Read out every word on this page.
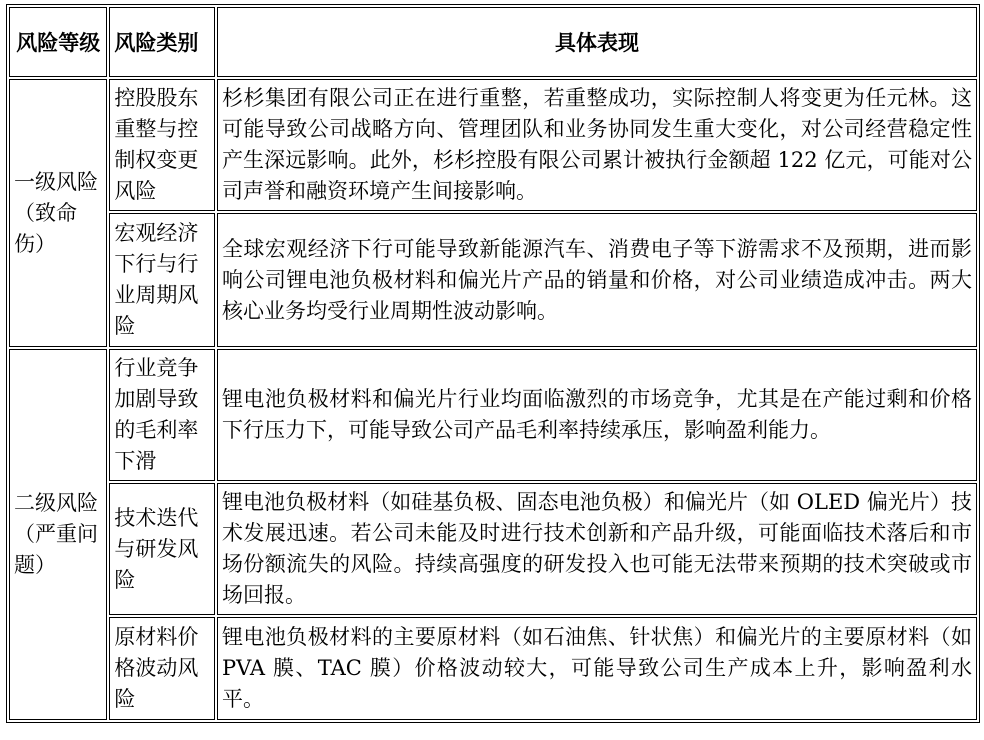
风险等级	风险类别	具体表现
一级风险（致命伤）	控股股东重整与控制权变更风险	杉杉集团有限公司正在进行重整，若重整成功，实际控制人将变更为任元林。这可能导致公司战略方向、管理团队和业务协同发生重大变化，对公司经营稳定性产生深远影响。此外，杉杉控股有限公司累计被执行金额超 122 亿元，可能对公司声誉和融资环境产生间接影响。
	宏观经济下行与行业周期风险	全球宏观经济下行可能导致新能源汽车、消费电子等下游需求不及预期，进而影响公司锂电池负极材料和偏光片产品的销量和价格，对公司业绩造成冲击。两大核心业务均受行业周期性波动影响。
二级风险（严重问题）	行业竞争加剧导致的毛利率下滑	锂电池负极材料和偏光片行业均面临激烈的市场竞争，尤其是在产能过剩和价格下行压力下，可能导致公司产品毛利率持续承压，影响盈利能力。
	技术迭代与研发风险	锂电池负极材料（如硅基负极、固态电池负极）和偏光片（如 OLED 偏光片）技术发展迅速。若公司未能及时进行技术创新和产品升级，可能面临技术落后和市场份额流失的风险。持续高强度的研发投入也可能无法带来预期的技术突破或市场回报。
	原材料价格波动风险	锂电池负极材料的主要原材料（如石油焦、针状焦）和偏光片的主要原材料（如 PVA 膜、TAC 膜）价格波动较大，可能导致公司生产成本上升，影响盈利水平。
